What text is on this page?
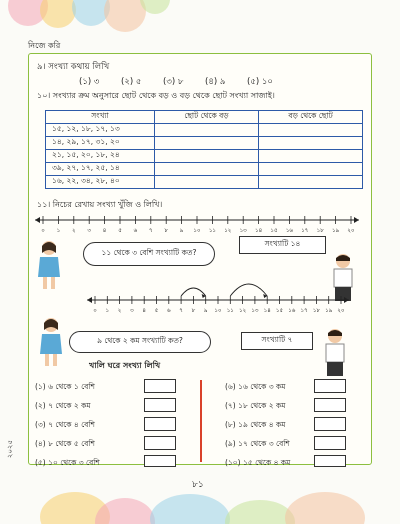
নিজে করি
৯। সংখ্যা কথায় লিখি
(১) ৩	(২) ৫	(৩) ৮	(৪) ৯	(৫) ১০
১০। সংখ্যার ক্রম অনুসারে ছোট থেকে বড় ও বড় থেকে ছোট সংখ্যা সাজাই।
সংখ্যা	ছোট থেকে বড়	বড় থেকে ছোট
১৫, ১২, ১৮, ১৭, ১৩		
১৪, ২৯, ১৭, ৩১, ২০		
২১, ১৫, ২০, ১৮, ২৪		
৩৯, ২৭, ১৭, ২৫, ১৪		
১৬, ২২, ৩৪, ২৮, ৪০		
১১। নিচের রেখায় সংখ্যা খুঁজি ও লিখি।
০ ১ ২ ৩ ৪ ৫ ৬ ৭ ৮ ৯ ১০ ১১ ১২ ১৩ ১৪ ১৫ ১৬ ১৭ ১৮ ১৯ ২০
১১ থেকে ৩ বেশি সংখ্যাটি কত?
সংখ্যাটি ১৪
০ ১ ২ ৩ ৪ ৫ ৬ ৭ ৮ ৯ ১০ ১১ ১২ ১৩ ১৪ ১৫ ১৬ ১৭ ১৮ ১৯ ২০
৯ থেকে ২ কম সংখ্যাটি কত?	সংখ্যাটি ৭
খালি ঘরে সংখ্যা লিখি
(১) ৬ থেকে ১ বেশি
(২) ৭ থেকে ২ কম
(৩) ৭ থেকে ৪ বেশি
(৪) ৮ থেকে ৫ বেশি
(৫) ১০ থেকে ৩ বেশি
(৬) ১৬ থেকে ৩ কম
(৭) ১৮ থেকে ২ কম
(৮) ১৯ থেকে ৪ কম
(৯) ১৭ থেকে ৩ বেশি
(১০) ১৫ থেকে ৪ কম
২০২৫
৮১
